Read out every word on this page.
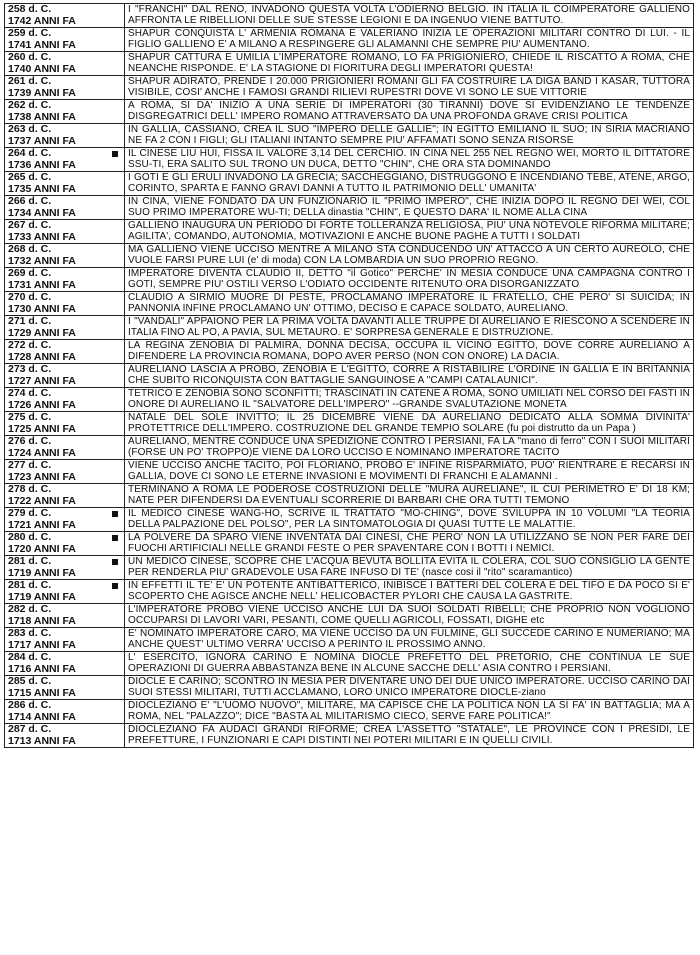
258 d. C.
1742 ANNI FA	I "FRANCHI" DAL RENO, INVADONO QUESTA VOLTA L'ODIERNO BELGIO. IN ITALIA IL COIMPERATORE GALLIENO AFFRONTA LE RIBELLIONI DELLE SUE STESSE LEGIONI E DA INGENUO VIENE BATTUTO.

259 d. C.
1741 ANNI FA	SHAPUR CONQUISTA L' ARMENIA ROMANA E VALERIANO INIZIA LE OPERAZIONI MILITARI CONTRO DI LUI. - IL FIGLIO GALLIENO E' A MILANO A RESPINGERE GLI ALAMANNI CHE SEMPRE PIU' AUMENTANO.

260 d. C.
1740 ANNI FA	SHAPUR CATTURA E UMILIA L'IMPERATORE ROMANO, LO FA PRIGIONIERO, CHIEDE IL RISCATTO A ROMA, CHE NEANCHE RISPONDE. E' LA STAGIONE DI FIORITURA DEGLI IMPERATORI QUESTA!

261 d. C.
1739 ANNI FA	SHAPUR ADIRATO, PRENDE I 20.000 PRIGIONIERI ROMANI GLI FA COSTRUIRE LA DIGA BAND I KASAR, TUTTORA VISIBILE, COSI' ANCHE I FAMOSI GRANDI RILIEVI RUPESTRI DOVE VI SONO LE SUE VITTORIE

262 d. C.
1738 ANNI FA	A ROMA, SI DA' INIZIO A UNA SERIE DI IMPERATORI (30 TIRANNI) DOVE SI EVIDENZIANO LE TENDENZE DISGREGATRICI DELL' IMPERO ROMANO ATTRAVERSATO DA UNA PROFONDA GRAVE CRISI POLITICA

263 d. C.
1737 ANNI FA	IN GALLIA, CASSIANO, CREA IL SUO "IMPERO DELLE GALLIE"; IN EGITTO EMILIANO IL SUO; IN SIRIA MACRIANO NE FA 2 CON I FIGLI; GLI ITALIANI INTANTO SEMPRE PIU' AFFAMATI SONO SENZA RISORSE

264 d. C.
1736 ANNI FA	IL CINESE LIU HUI, FISSA IL VALORE 3,14 DEL CERCHIO. IN CINA NEL 255 NEL REGNO WEI, MORTO IL DITTATORE SSU-TI, ERA SALITO SUL TRONO UN DUCA, DETTO "CHIN", CHE ORA STA DOMINANDO

265 d. C.
1735 ANNI FA	I GOTI E GLI ERULI INVADONO LA GRECIA; SACCHEGGIANO, DISTRUGGONO E INCENDIANO TEBE, ATENE, ARGO, CORINTO, SPARTA E FANNO GRAVI DANNI A TUTTO IL PATRIMONIO DELL' UMANITA'

266 d. C.
1734 ANNI FA	IN CINA, VIENE FONDATO DA UN FUNZIONARIO IL "PRIMO IMPERO", CHE INIZIA DOPO IL REGNO DEI WEI, COL SUO PRIMO IMPERATORE WU-TI; DELLA dinastia "CHIN", E QUESTO DARA' IL NOME ALLA CINA

267 d. C.
1733 ANNI FA	GALLIENO INAUGURA UN PERIODO DI FORTE TOLLERANZA RELIGIOSA, PIU' UNA NOTEVOLE RIFORMA MILITARE; AGILITA', COMANDO, AUTONOMIA, MOTIVAZIONI E ANCHE BUONE PAGHE A TUTTI I SOLDATI

268 d. C.
1732 ANNI FA	MA GALLIENO VIENE UCCISO MENTRE A MILANO STA CONDUCENDO UN' ATTACCO A UN CERTO AUREOLO, CHE VUOLE FARSI PURE LUI (e' di moda) CON LA LOMBARDIA UN SUO PROPRIO REGNO.

269 d. C.
1731 ANNI FA	IMPERATORE DIVENTA CLAUDIO II, DETTO "il Gotico" PERCHE' IN MESIA CONDUCE UNA CAMPAGNA CONTRO I GOTI, SEMPRE PIU' OSTILI VERSO L'ODIATO OCCIDENTE RITENUTO ORA DISORGANIZZATO

270 d. C.
1730 ANNI FA	CLAUDIO A SIRMIO MUORE DI PESTE, PROCLAMANO IMPERATORE IL FRATELLO, CHE PERO' SI SUICIDA; IN PANNONIA INFINE PROCLAMANO UN' OTTIMO, DECISO E CAPACE SOLDATO, AURELIANO.

271 d. C.
1729 ANNI FA	I "VANDALI" APPAIONO PER LA PRIMA VOLTA DAVANTI ALLE TRUPPE DI AURELIANO E RIESCONO A SCENDERE IN ITALIA FINO AL PO, A PAVIA, SUL METAURO. E' SORPRESA GENERALE E DISTRUZIONE.

272 d. C.
1728 ANNI FA	LA REGINA ZENOBIA DI PALMIRA, DONNA DECISA, OCCUPA IL VICINO EGITTO, DOVE CORRE AURELIANO A DIFENDERE LA PROVINCIA ROMANA, DOPO AVER PERSO (NON CON ONORE) LA DACIA.

273 d. C.
1727 ANNI FA	AURELIANO LASCIA A PROBO, ZENOBIA E L'EGITTO, CORRE A RISTABILIRE L'ORDINE IN GALLIA E IN BRITANNIA CHE SUBITO RICONQUISTA CON BATTAGLIE SANGUINOSE A "CAMPI CATALAUNICI".

274 d. C.
1726 ANNI FA	TETRICO E ZENOBIA SONO SCONFITTI; TRASCINATI IN CATENE A ROMA, SONO UMILIATI NEL CORSO DEI FASTI IN ONORE DI AURELIANO IL "SALVATORE DELL'IMPERO" --GRANDE SVALUTAZIONE MONETA

275 d. C.
1725 ANNI FA	NATALE DEL SOLE INVITTO; IL 25 DICEMBRE VIENE DA AURELIANO DEDICATO ALLA SOMMA DIVINITA' PROTETTRICE DELL'IMPERO. COSTRUZIONE DEL GRANDE TEMPIO SOLARE (fu poi distrutto da un Papa )

276 d. C.
1724 ANNI FA	AURELIANO, MENTRE CONDUCE UNA SPEDIZIONE CONTRO I PERSIANI, FA LA "mano di ferro" CON I SUOI MILITARI (FORSE UN PO' TROPPO)E VIENE DA LORO UCCISO E NOMINANO IMPERATORE TACITO

277 d. C.
1723 ANNI FA	VIENE UCCISO ANCHE TACITO, POI FLORIANO, PROBO E' INFINE RISPARMIATO, PUO' RIENTRARE E RECARSI IN GALLIA, DOVE CI SONO LE ETERNE INVASIONI E MOVIMENTI DI FRANCHI E ALAMANNI .

278 d. C.
1722 ANNI FA	TERMINANO A ROMA LE PODEROSE COSTRUZIONI DELLE "MURA AURELIANE", IL CUI PERIMETRO E' DI 18 KM; NATE PER DIFENDERSI DA EVENTUALI SCORRERIE DI BARBARI CHE ORA TUTTI TEMONO

279 d. C.
1721 ANNI FA	IL MEDICO CINESE WANG-HO, SCRIVE IL TRATTATO "MO-CHING", DOVE SVILUPPA IN 10 VOLUMI "LA TEORIA DELLA PALPAZIONE DEL POLSO", PER LA SINTOMATOLOGIA DI QUASI TUTTE LE MALATTIE.

280 d. C.
1720 ANNI FA	LA POLVERE DA SPARO VIENE INVENTATA DAI CINESI, CHE PERO' NON LA UTILIZZANO SE NON PER FARE DEI FUOCHI ARTIFICIALI NELLE GRANDI FESTE O PER SPAVENTARE CON I BOTTI I NEMICI.

281 d. C.
1719 ANNI FA	UN MEDICO CINESE, SCOPRE CHE L'ACQUA BEVUTA BOLLITA EVITA IL COLERA, COL SUO CONSIGLIO LA GENTE PER RENDERLA PIU' GRADEVOLE USA FARE INFUSO DI TE' (nasce cosi il "rito" scaramantico)

281 d. C.
1719 ANNI FA	IN EFFETTI IL TE' E' UN POTENTE ANTIBATTERICO, INIBISCE I BATTERI DEL COLERA E DEL TIFO E DA POCO SI E' SCOPERTO CHE AGISCE ANCHE NELL' HELICOBACTER PYLORI CHE CAUSA LA GASTRITE.

282 d. C.
1718 ANNI FA	L'IMPERATORE PROBO VIENE UCCISO ANCHE LUI DA SUOI SOLDATI RIBELLI; CHE PROPRIO NON VOGLIONO OCCUPARSI DI LAVORI VARI, PESANTI, COME QUELLI AGRICOLI, FOSSATI, DIGHE etc

283 d. C.
1717 ANNI FA	E' NOMINATO IMPERATORE CARO, MA VIENE UCCISO DA UN FULMINE, GLI SUCCEDE CARINO E NUMERIANO; MA ANCHE QUEST' ULTIMO VERRA' UCCISO A PERINTO IL PROSSIMO ANNO.

284 d. C.
1716 ANNI FA	L' ESERCITO, IGNORA CARINO E NOMINA DIOCLE PREFETTO DEL PRETORIO, CHE CONTINUA LE SUE OPERAZIONI DI GUERRA ABBASTANZA BENE IN ALCUNE SACCHE DELL' ASIA CONTRO I PERSIANI.

285 d. C.
1715 ANNI FA	DIOCLE E CARINO; SCONTRO IN MESIA PER DIVENTARE UNO DEI DUE UNICO IMPERATORE. UCCISO CARINO DAI SUOI STESSI MILITARI, TUTTI ACCLAMANO, LORO UNICO IMPERATORE DIOCLE-ziano

286 d. C.
1714 ANNI FA	DIOCLEZIANO E' "L'UOMO NUOVO", MILITARE, MA CAPISCE CHE LA POLITICA NON LA SI FA' IN BATTAGLIA; MA A ROMA, NEL "PALAZZO"; DICE "BASTA AL MILITARISMO CIECO, SERVE FARE POLITICA!"

287 d. C.
1713 ANNI FA	DIOCLEZIANO FA AUDACI GRANDI RIFORME; CREA L'ASSETTO "STATALE", LE PROVINCE CON I PRESIDI, LE PREFETTURE, I FUNZIONARI E CAPI DISTINTI NEI POTERI MILITARI E IN QUELLI CIVILI.
